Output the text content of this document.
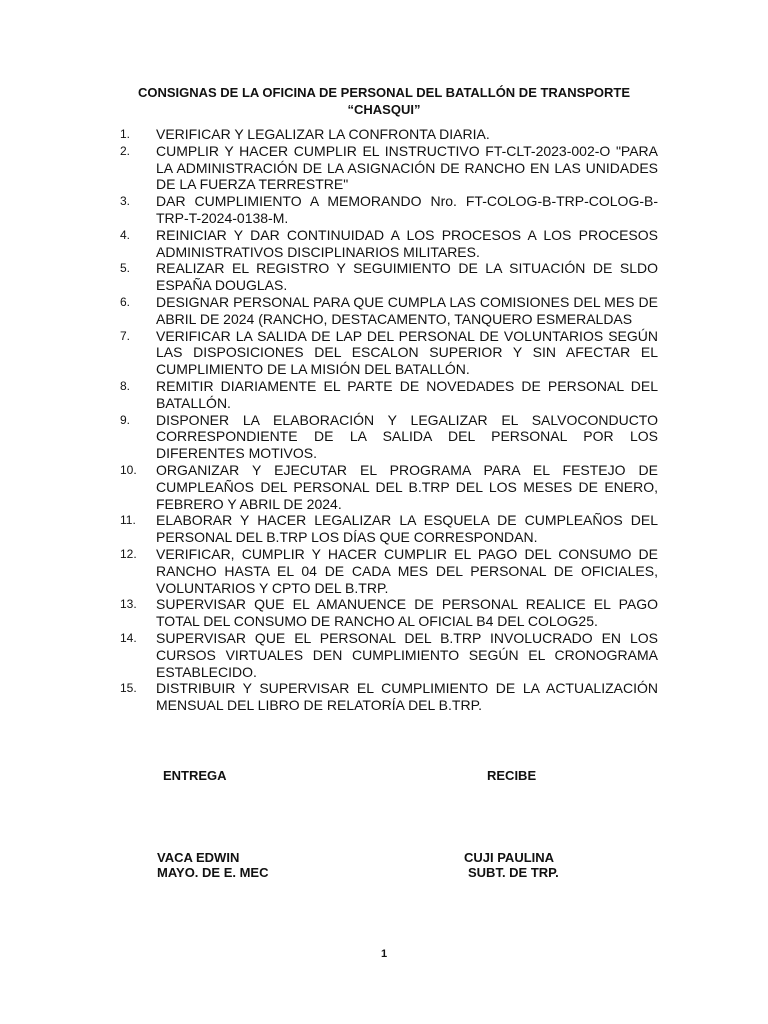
CONSIGNAS DE LA OFICINA DE PERSONAL DEL BATALLÓN DE TRANSPORTE
“CHASQUI”
1.	VERIFICAR Y LEGALIZAR LA CONFRONTA DIARIA.
2.	CUMPLIR Y HACER CUMPLIR EL INSTRUCTIVO FT-CLT-2023-002-O "PARA LA ADMINISTRACIÓN DE LA ASIGNACIÓN DE RANCHO EN LAS UNIDADES DE LA FUERZA TERRESTRE"
3.	DAR CUMPLIMIENTO A MEMORANDO Nro. FT-COLOG-B-TRP-COLOG-B-TRP-T-2024-0138-M.
4.	REINICIAR Y DAR CONTINUIDAD A LOS PROCESOS A LOS PROCESOS ADMINISTRATIVOS DISCIPLINARIOS MILITARES.
5.	REALIZAR EL REGISTRO Y SEGUIMIENTO DE LA SITUACIÓN DE SLDO ESPAÑA DOUGLAS.
6.	DESIGNAR PERSONAL PARA QUE CUMPLA LAS COMISIONES DEL MES DE ABRIL DE 2024 (RANCHO, DESTACAMENTO, TANQUERO ESMERALDAS
7.	VERIFICAR LA SALIDA DE LAP DEL PERSONAL DE VOLUNTARIOS SEGÚN LAS DISPOSICIONES DEL ESCALON SUPERIOR Y SIN AFECTAR EL CUMPLIMIENTO DE LA MISIÓN DEL BATALLÓN.
8.	REMITIR DIARIAMENTE EL PARTE DE NOVEDADES DE PERSONAL DEL BATALLÓN.
9.	DISPONER LA ELABORACIÓN Y LEGALIZAR EL SALVOCONDUCTO CORRESPONDIENTE DE LA SALIDA DEL PERSONAL POR LOS DIFERENTES MOTIVOS.
10.	ORGANIZAR Y EJECUTAR EL PROGRAMA PARA EL FESTEJO DE CUMPLEAÑOS DEL PERSONAL DEL B.TRP DEL LOS MESES DE ENERO, FEBRERO Y ABRIL DE 2024.
11.	ELABORAR Y HACER LEGALIZAR LA ESQUELA DE CUMPLEAÑOS DEL PERSONAL DEL B.TRP LOS DÍAS QUE CORRESPONDAN.
12.	VERIFICAR, CUMPLIR Y HACER CUMPLIR EL PAGO DEL CONSUMO DE RANCHO HASTA EL 04 DE CADA MES DEL PERSONAL DE OFICIALES, VOLUNTARIOS Y CPTO DEL B.TRP.
13.	SUPERVISAR QUE EL AMANUENCE DE PERSONAL REALICE EL PAGO TOTAL DEL CONSUMO DE RANCHO AL OFICIAL B4 DEL COLOG25.
14.	SUPERVISAR QUE EL PERSONAL DEL B.TRP INVOLUCRADO EN LOS CURSOS VIRTUALES DEN CUMPLIMIENTO SEGÚN EL CRONOGRAMA ESTABLECIDO.
15.	DISTRIBUIR Y SUPERVISAR EL CUMPLIMIENTO DE LA ACTUALIZACIÓN MENSUAL DEL LIBRO DE RELATORÍA DEL B.TRP.
ENTREGA	RECIBE
VACA EDWIN
MAYO. DE E. MEC
CUJI PAULINA
SUBT. DE TRP.
1
